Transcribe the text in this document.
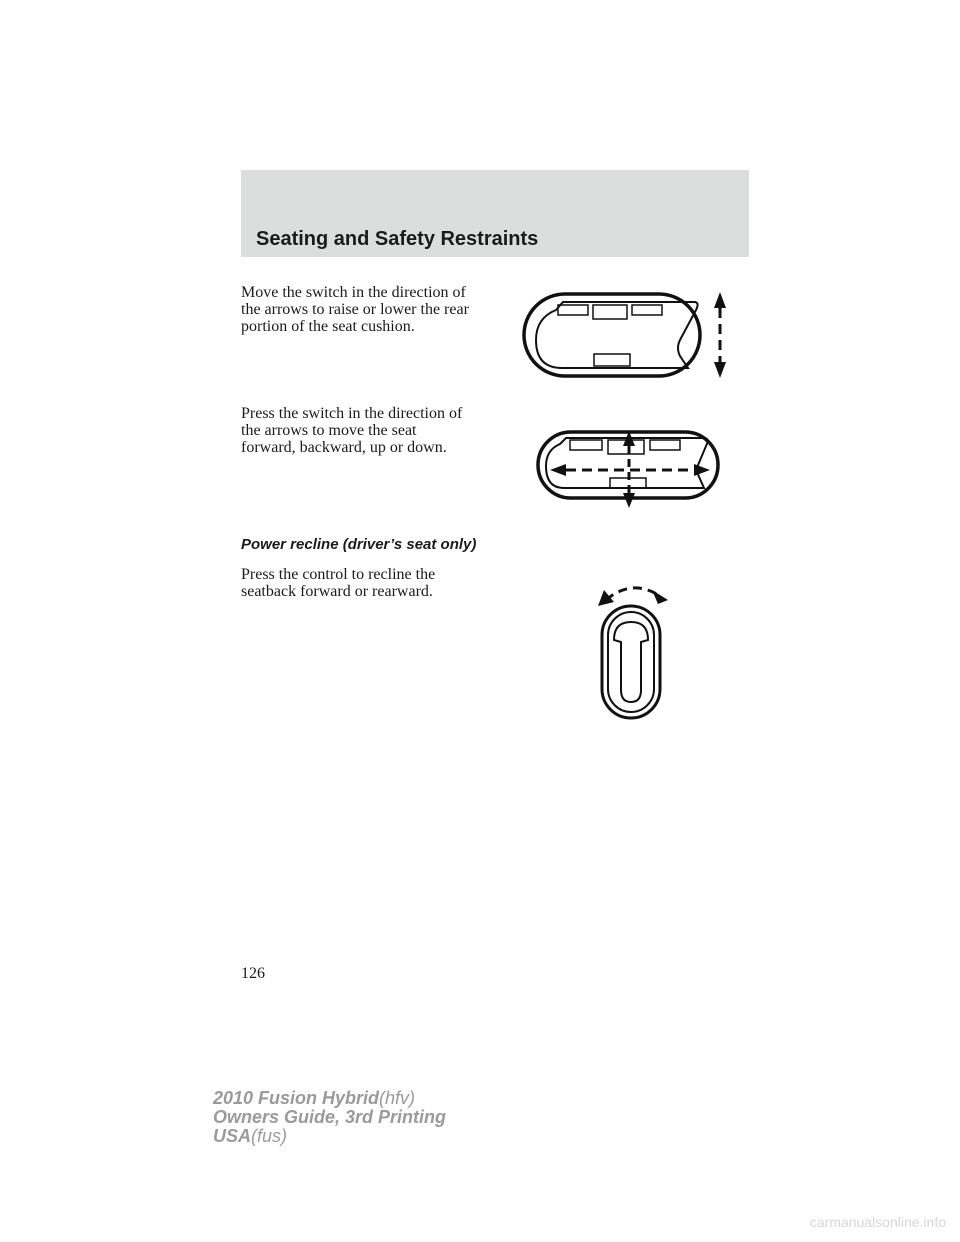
Seating and Safety Restraints
Move the switch in the direction of
the arrows to raise or lower the rear
portion of the seat cushion.
Press the switch in the direction of
the arrows to move the seat
forward, backward, up or down.
Power recline (driver’s seat only)
Press the control to recline the
seatback forward or rearward.
126
2010 Fusion Hybrid(hfv)
Owners Guide, 3rd Printing
USA(fus)
carmanualsonline.info
